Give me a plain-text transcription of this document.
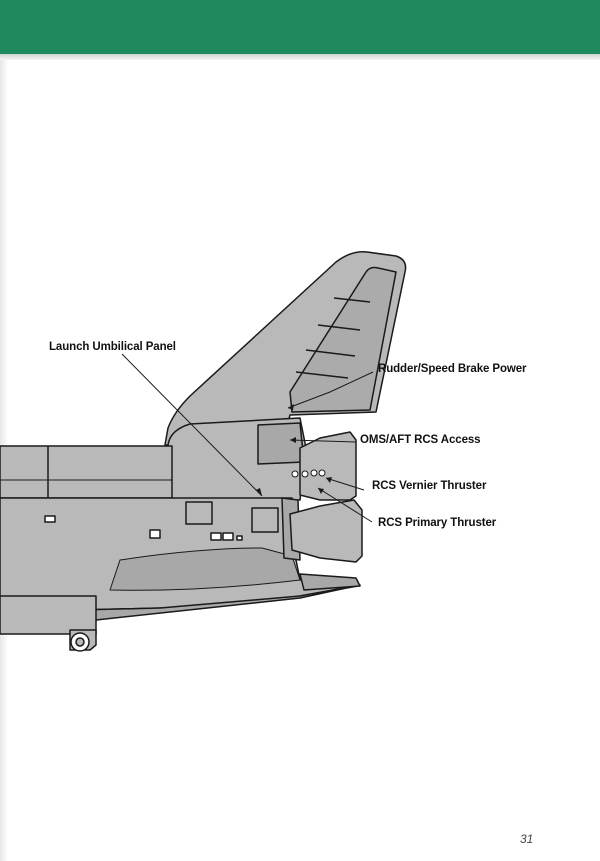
Launch Umbilical Panel
Rudder/Speed Brake Power
OMS/AFT RCS Access
RCS Vernier Thruster
RCS Primary Thruster
31
